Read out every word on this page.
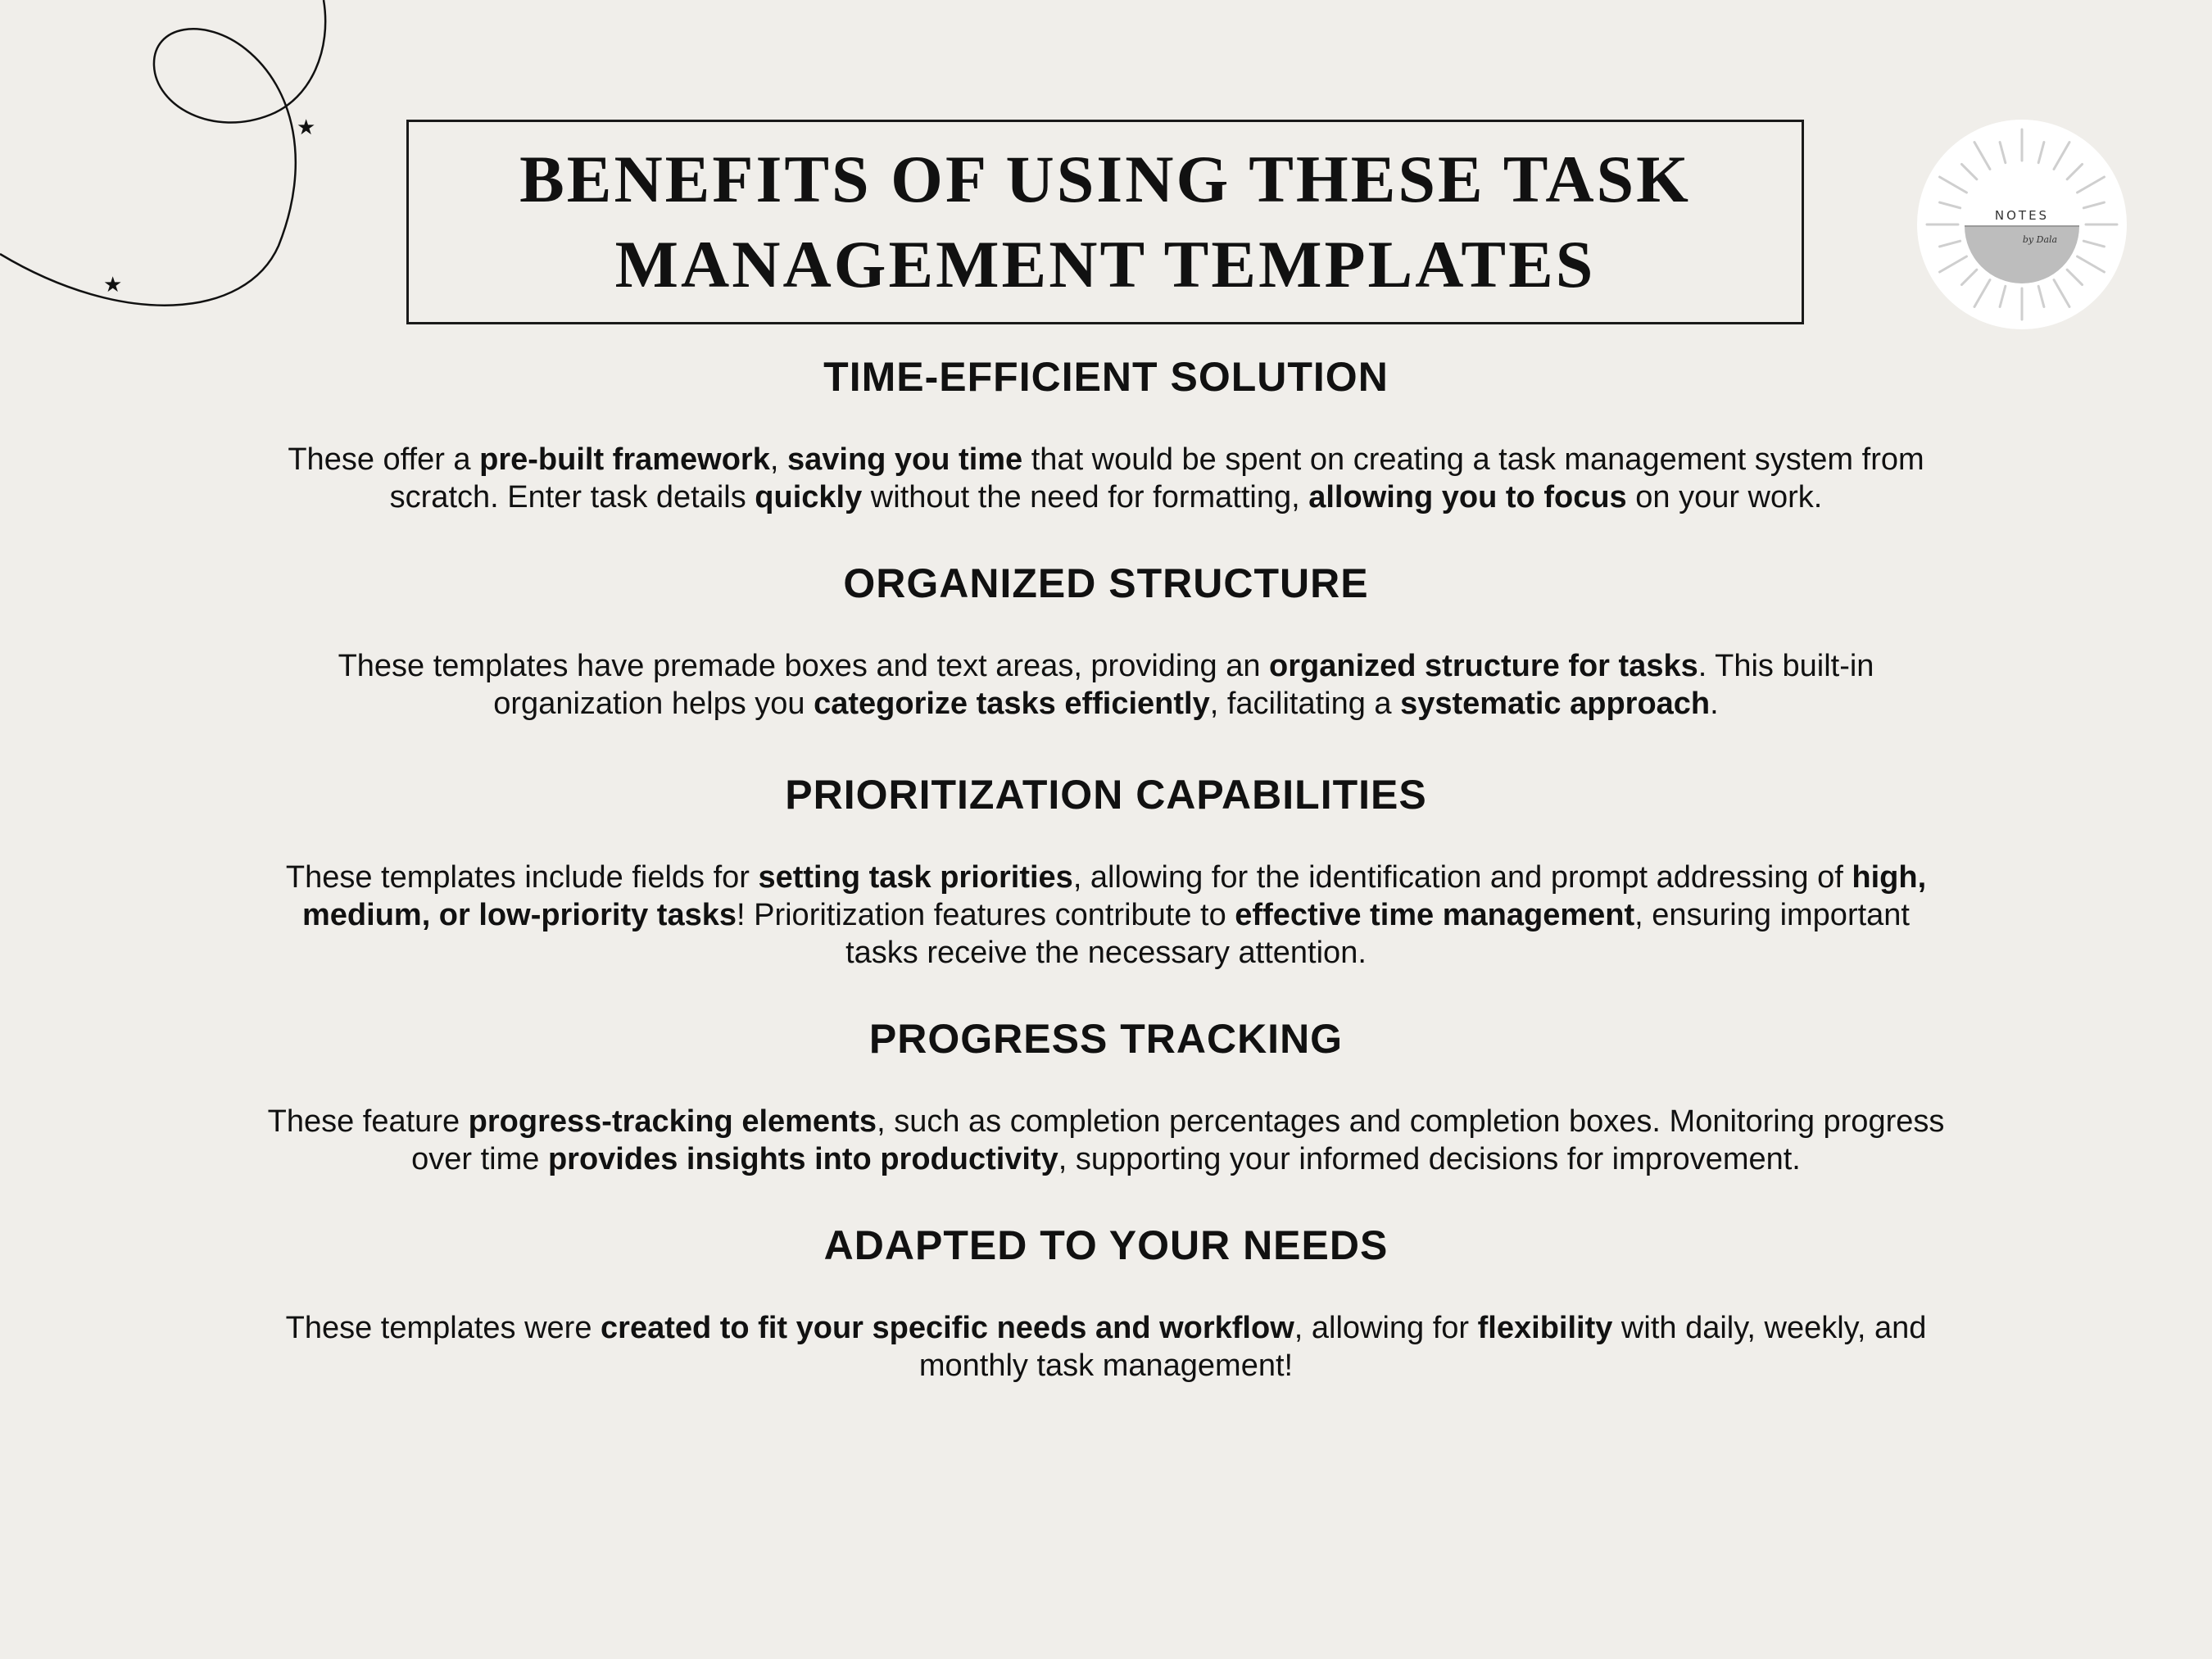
★
★
NOTES
by Dala
BENEFITS OF USING THESE TASK
MANAGEMENT TEMPLATES
TIME-EFFICIENT SOLUTION

These offer a pre-built framework, saving you time that would be spent on creating a task management system from scratch. Enter task details quickly without the need for formatting, allowing you to focus on your work.

ORGANIZED STRUCTURE

These templates have premade boxes and text areas, providing an organized structure for tasks. This built-in organization helps you categorize tasks efficiently, facilitating a systematic approach.

PRIORITIZATION CAPABILITIES

These templates include fields for setting task priorities, allowing for the identification and prompt addressing of high, medium, or low-priority tasks! Prioritization features contribute to effective time management, ensuring important tasks receive the necessary attention.

PROGRESS TRACKING

These feature progress-tracking elements, such as completion percentages and completion boxes. Monitoring progress over time provides insights into productivity, supporting your informed decisions for improvement.

ADAPTED TO YOUR NEEDS

These templates were created to fit your specific needs and workflow, allowing for flexibility with daily, weekly, and monthly task management!
